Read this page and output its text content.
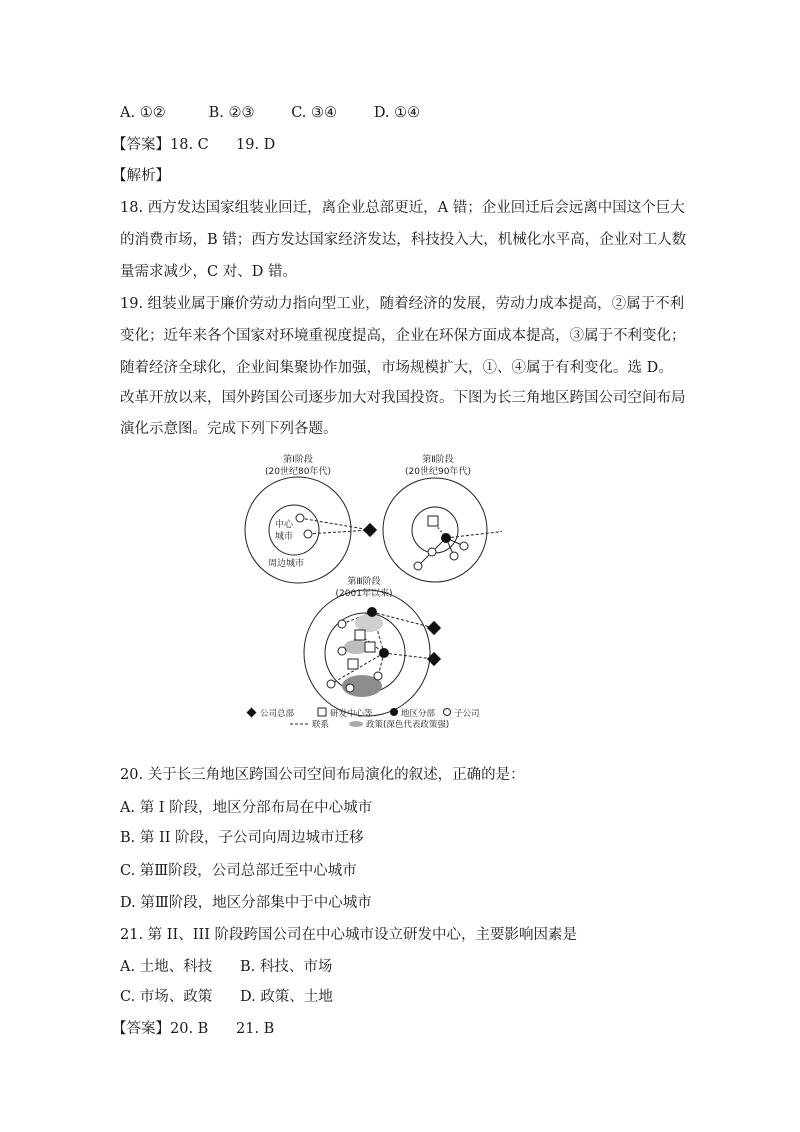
A. ①②	B. ②③	C. ③④	D. ①④
【答案】18. C 19. D
【解析】
18. 西方发达国家组装业回迁，离企业总部更近，A 错；企业回迁后会远离中国这个巨大
的消费市场，B 错；西方发达国家经济发达，科技投入大，机械化水平高，企业对工人数
量需求减少，C 对、D 错。
19. 组装业属于廉价劳动力指向型工业，随着经济的发展，劳动力成本提高，②属于不利
变化；近年来各个国家对环境重视度提高，企业在环保方面成本提高，③属于不利变化；
随着经济全球化，企业间集聚协作加强，市场规模扩大，①、④属于有利变化。选 D。
改革开放以来，国外跨国公司逐步加大对我国投资。下图为长三角地区跨国公司空间布局
演化示意图。完成下列下列各题。
第Ⅰ阶段
(20世纪80年代)
第Ⅱ阶段
(20世纪90年代)
第Ⅲ阶段
(2001年以来)
中心
城市
周边城市
公司总部	研发中心等	地区分部 子公司
联系	政策(深色代表政策强)
20. 关于长三角地区跨国公司空间布局演化的叙述，正确的是：
A. 第 I 阶段，地区分部布局在中心城市
B. 第 II 阶段，子公司向周边城市迁移
C. 第Ⅲ阶段，公司总部迁至中心城市
D. 第Ⅲ阶段，地区分部集中于中心城市
21. 第 II、III 阶段跨国公司在中心城市设立研发中心，主要影响因素是
A. 土地、科技 B. 科技、市场
C. 市场、政策 D. 政策、土地
【答案】20. B 21. B
